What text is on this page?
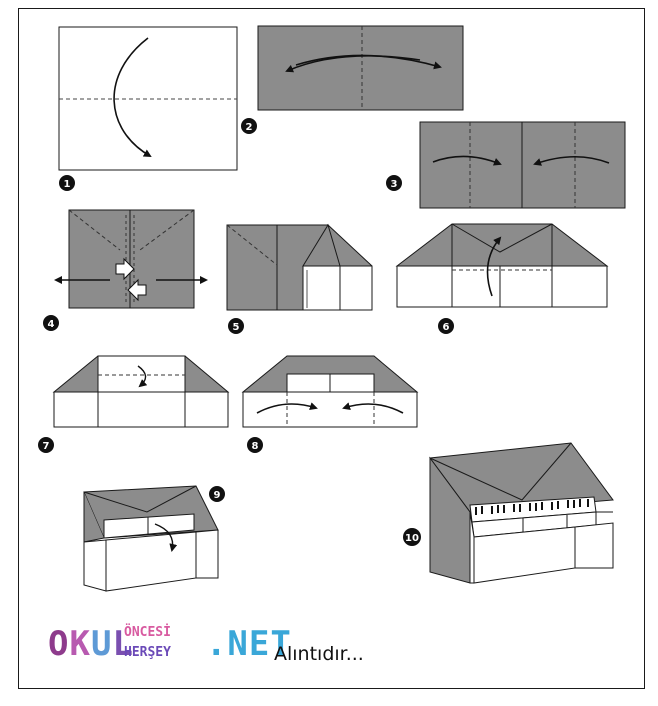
1
2
3
4	5	6
7	8
9
10
OKUL .NET
ÖNCESİ
HERŞEY	Alıntıdır...
